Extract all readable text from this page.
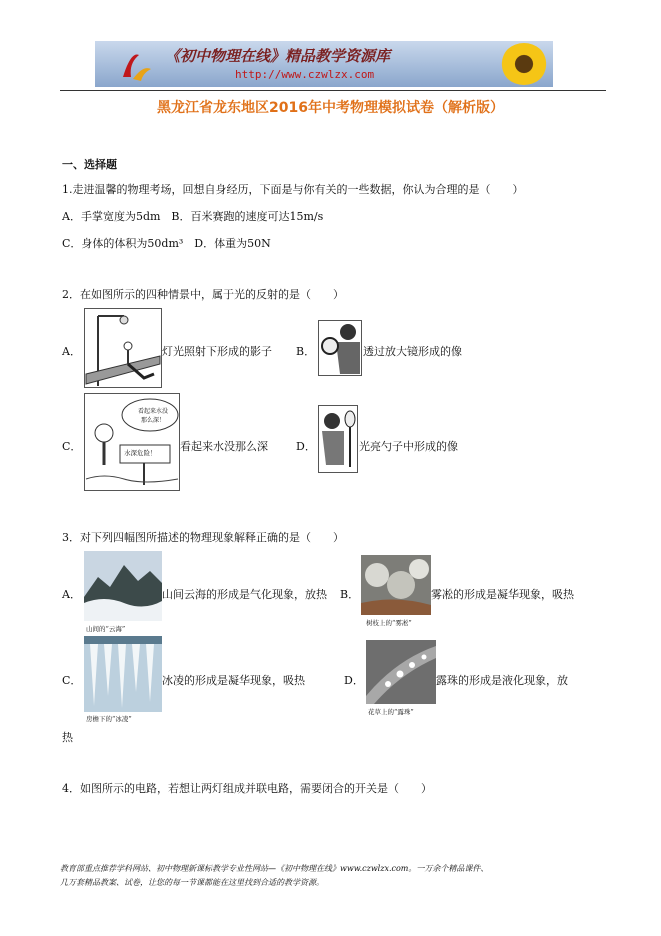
《初中物理在线》精品教学资源库
http://www.czwlzx.com
黑龙江省龙东地区2016年中考物理模拟试卷（解析版）
一、选择题
1.走进温馨的物理考场，回想自身经历，下面是与你有关的一些数据，你认为合理的是（　　）
A．手掌宽度为5dm　B．百米赛跑的速度可达15m/s
C．身体的体积为50dm³　D．体重为50N
2．在如图所示的四种情景中，属于光的反射的是（　　）
A．	灯光照射下形成的影子 B．	透过放大镜形成的像
C．
看起来水没那么深！
水深危险！ 看起来水没那么深	D．	光亮勺子中形成的像
3．对下列四幅图所描述的物理现象解释正确的是（　　）
A．
山间的“云海”
山间云海的形成是气化现象，放热 B．
树枝上的“雾凇”
雾凇的形成是凝华现象，吸热
C．
房檐下的“冰凌”
冰凌的形成是凝华现象，吸热	D．
花草上的“露珠”
露珠的形成是液化现象，放
热
4．如图所示的电路，若想让两灯组成并联电路，需要闭合的开关是（　　）
教育部重点推荐学科网站、初中物理新课标教学专业性网站—《初中物理在线》www.czwlzx.com。一万余个精品课件、
几万套精品教案、试卷，让您的每一节课都能在这里找到合适的教学资源。
